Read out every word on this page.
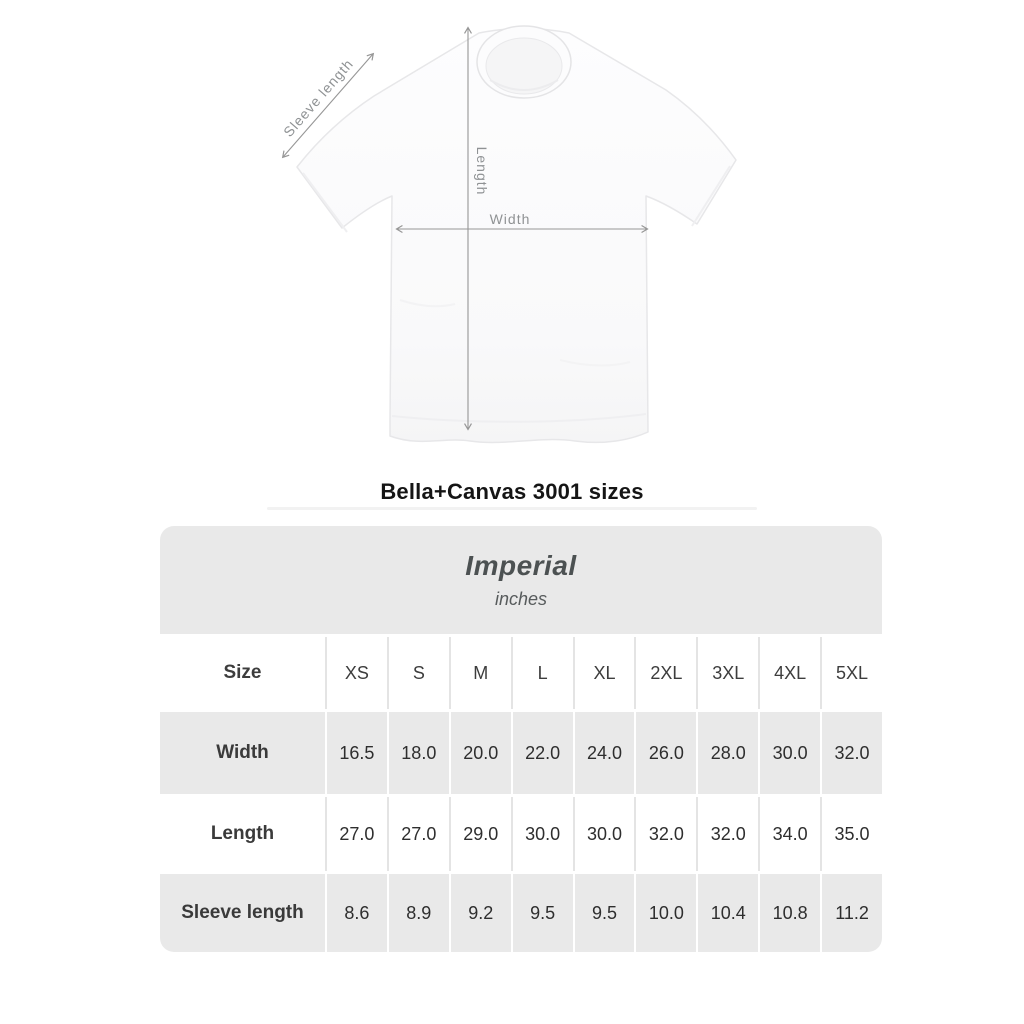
Length
Width
Sleeve length
Bella+Canvas 3001 sizes
Imperial
inches
Size	XS	S	M	L	XL	2XL	3XL	4XL	5XL
Width	16.5	18.0	20.0	22.0	24.0	26.0	28.0	30.0	32.0
Length	27.0	27.0	29.0	30.0	30.0	32.0	32.0	34.0	35.0
Sleeve length	8.6	8.9	9.2	9.5	9.5	10.0	10.4	10.8	11.2
